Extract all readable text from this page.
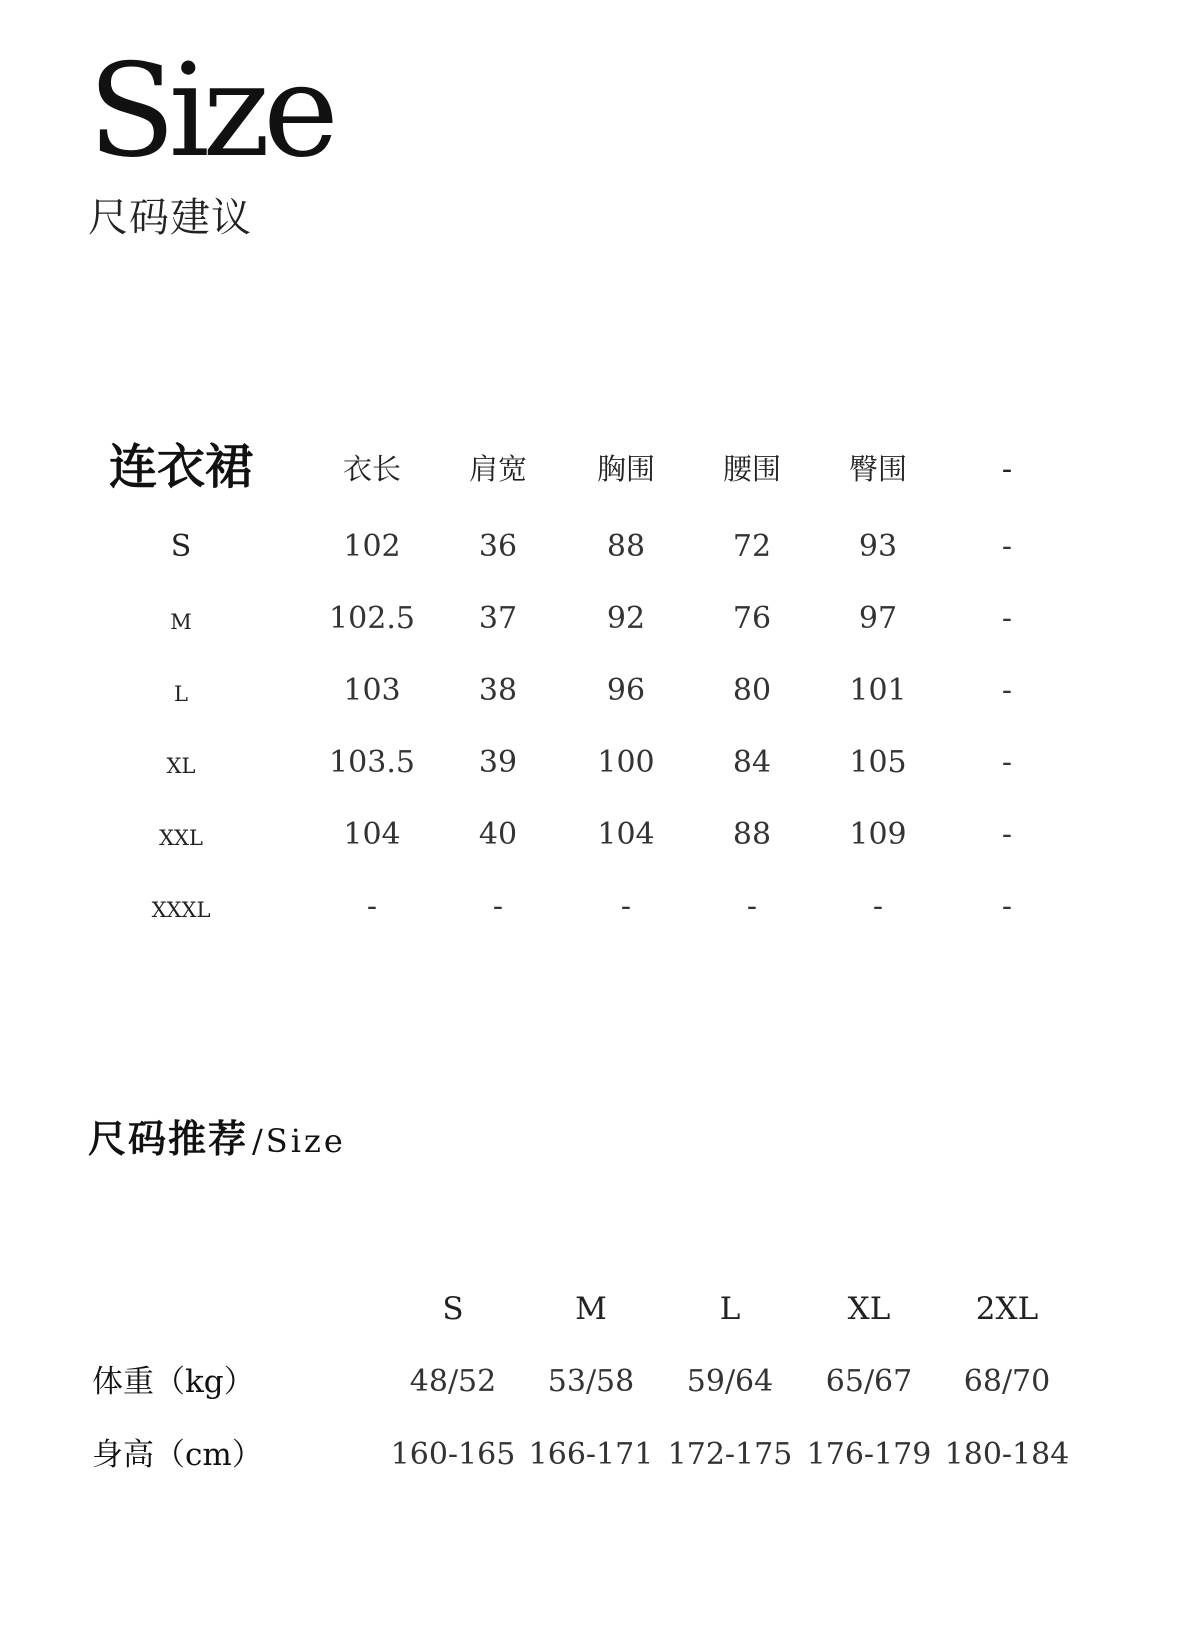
Size
尺码建议
连衣裙	衣长 肩宽 胸围 腰围 臀围	-
S	102	36	88	72	93	-
M	102.5 37	92	76	97	-
L	103	38	96	80	101	-
XL	103.5 39	100	84	105	-
XXL	104	40	104	88	109	-
XXXL	-	-	-	-	-	-
尺码推荐 /Size
S	M	L	XL	2XL
体重（kg）	48/52 53/58 59/64 65/67 68/70
身高（cm）	160-165 166-171 172-175 176-179 180-184
